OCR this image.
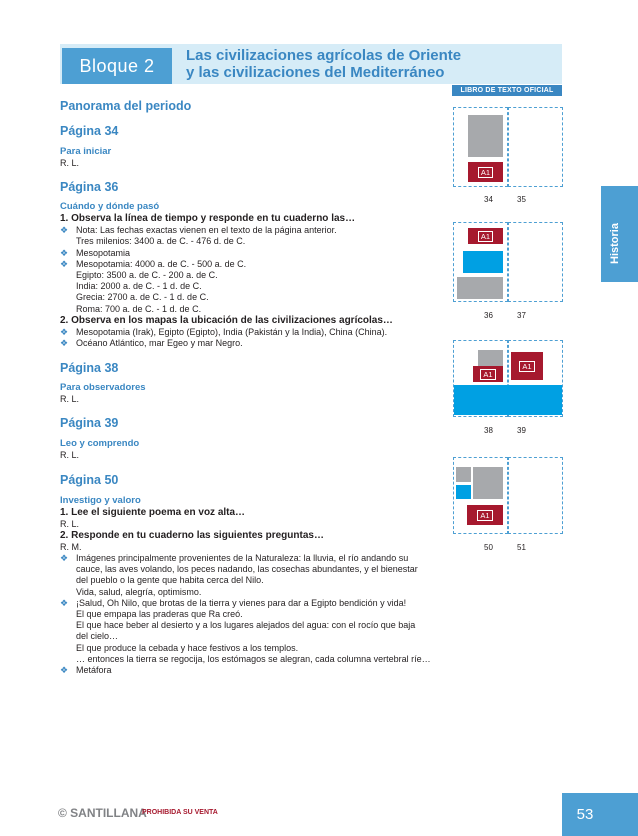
Bloque 2	Las civilizaciones agrícolas de Oriente
y las civilizaciones del Mediterráneo
LIBRO DE TEXTO OFICIAL
Historia
Panorama del periodo
Página 34
Para iniciar
R. L.
Página 36
Cuándo y dónde pasó
1. Observa la línea de tiempo y responde en tu cuaderno las…
❖ Nota: Las fechas exactas vienen en el texto de la página anterior.
Tres milenios: 3400 a. de C. - 476 d. de C.
❖ Mesopotamia
❖ Mesopotamia: 4000 a. de C. - 500 a. de C.
Egipto: 3500 a. de C. - 200 a. de C.
India: 2000 a. de C. - 1 d. de C.
Grecia: 2700 a. de C. - 1 d. de C.
Roma: 700 a. de C. - 1 d. de C.
2. Observa en los mapas la ubicación de las civilizaciones agrícolas…
❖ Mesopotamia (Irak), Egipto (Egipto), India (Pakistán y la India), China (China).
❖ Océano Atlántico, mar Egeo y mar Negro.
Página 38
Para observadores
R. L.
Página 39
Leo y comprendo
R. L.
Página 50
Investigo y valoro
1. Lee el siguiente poema en voz alta…
R. L.
2. Responde en tu cuaderno las siguientes preguntas…
R. M.
❖ Imágenes principalmente provenientes de la Naturaleza: la lluvia, el río andando su
cauce, las aves volando, los peces nadando, las cosechas abundantes, y el bienestar
del pueblo o la gente que habita cerca del Nilo.
Vida, salud, alegría, optimismo.
❖ ¡Salud, Oh Nilo, que brotas de la tierra y vienes para dar a Egipto bendición y vida!
El que empapa las praderas que Ra creó.
El que hace beber al desierto y a los lugares alejados del agua: con el rocío que baja
del cielo…
El que produce la cebada y hace festivos a los templos.
… entonces la tierra se regocija, los estómagos se alegran, cada columna vertebral ríe…
❖ Metáfora
A1
34	35
A1
36	37
A1
A1
38	39
A1
50	51
© SANTILLANA
PROHIBIDA SU VENTA	53
